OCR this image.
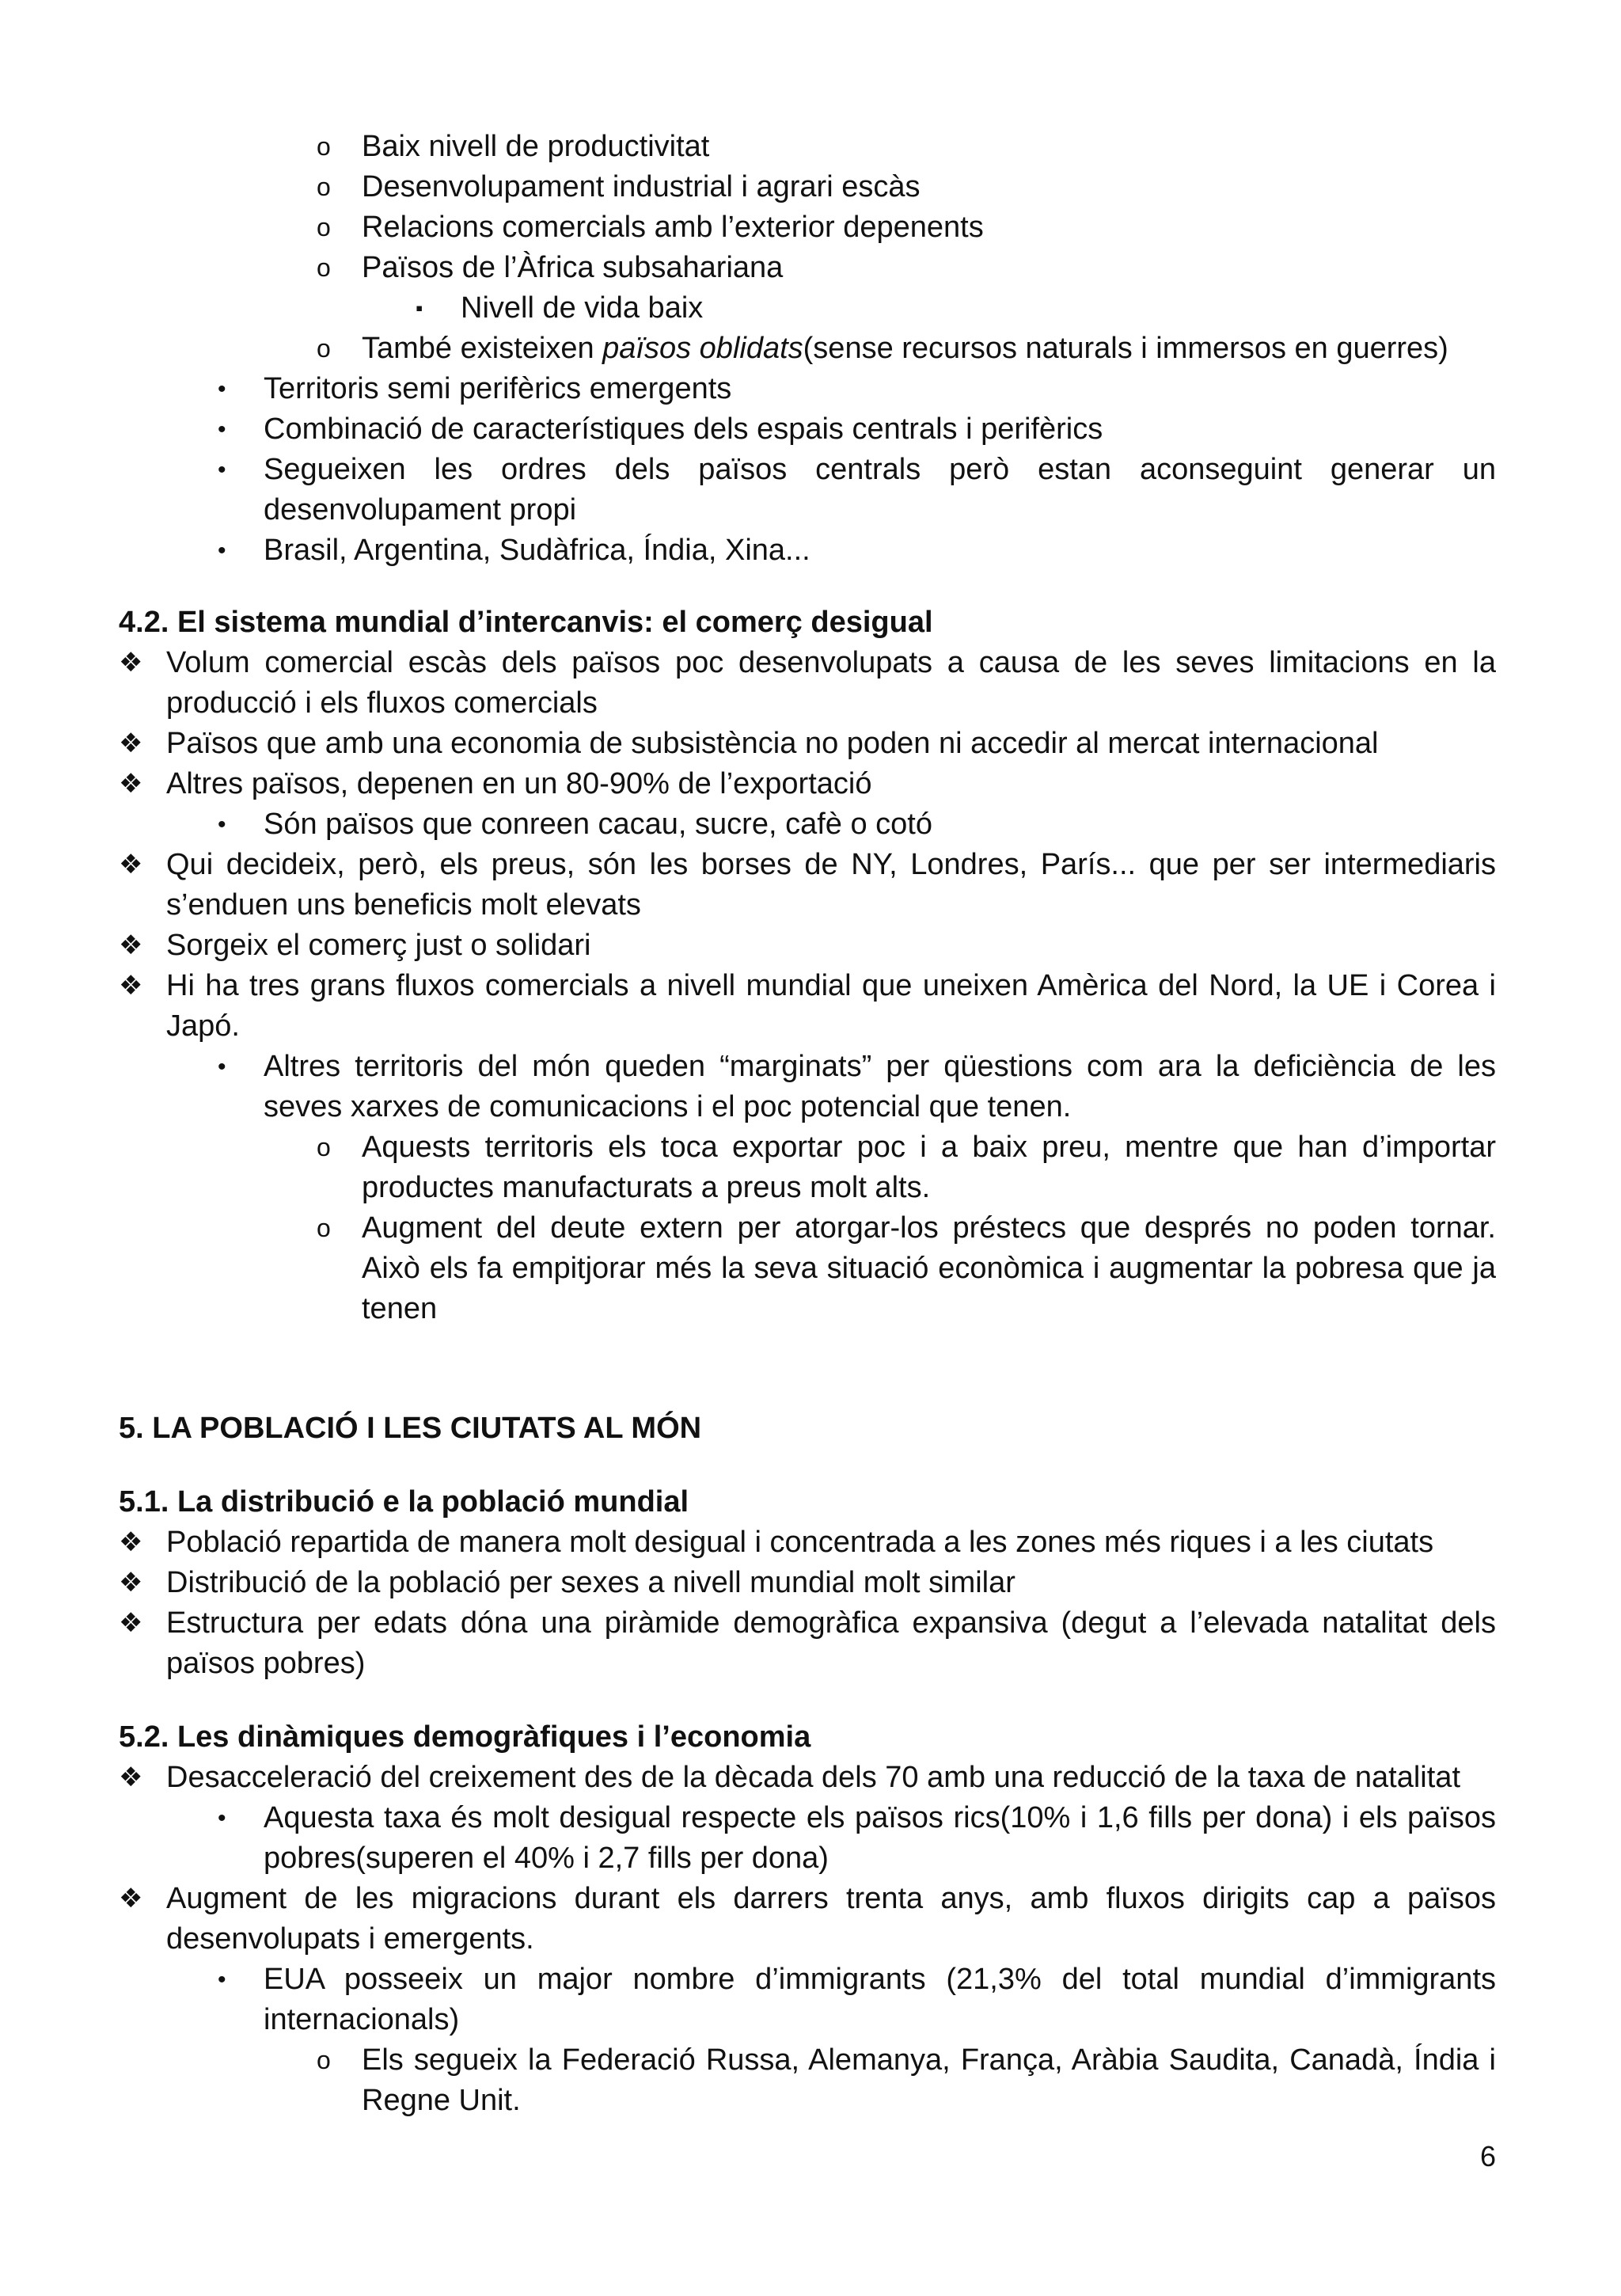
o Baix nivell de productivitat
o Desenvolupament industrial i agrari escàs
o Relacions comercials amb l’exterior depenents
o Països de l’Àfrica subsahariana
▪ Nivell de vida baix
o També existeixen països oblidats(sense recursos naturals i immersos en guerres)
• Territoris semi perifèrics emergents
• Combinació de característiques dels espais centrals i perifèrics
• Segueixen les ordres dels països centrals però estan aconseguint generar un desenvolupament propi
• Brasil, Argentina, Sudàfrica, Índia, Xina...
4.2. El sistema mundial d’intercanvis: el comerç desigual
❖ Volum comercial escàs dels països poc desenvolupats a causa de les seves limitacions en la producció i els fluxos comercials
❖ Països que amb una economia de subsistència no poden ni accedir al mercat internacional
❖ Altres països, depenen en un 80-90% de l’exportació
• Són països que conreen cacau, sucre, cafè o cotó
❖ Qui decideix, però, els preus, són les borses de NY, Londres, París... que per ser intermediaris s’enduen uns beneficis molt elevats
❖ Sorgeix el comerç just o solidari
❖ Hi ha tres grans fluxos comercials a nivell mundial que uneixen Amèrica del Nord, la UE i Corea i Japó.
• Altres territoris del món queden “marginats” per qüestions com ara la deficiència de les seves xarxes de comunicacions i el poc potencial que tenen.
o Aquests territoris els toca exportar poc i a baix preu, mentre que han d’importar productes manufacturats a preus molt alts.
o Augment del deute extern per atorgar-los préstecs que després no poden tornar. Això els fa empitjorar més la seva situació econòmica i augmentar la pobresa que ja tenen
5. LA POBLACIÓ I LES CIUTATS AL MÓN
5.1. La distribució e la població mundial
❖ Població repartida de manera molt desigual i concentrada a les zones més riques i a les ciutats
❖ Distribució de la població per sexes a nivell mundial molt similar
❖ Estructura per edats dóna una piràmide demogràfica expansiva (degut a l’elevada natalitat dels països pobres)
5.2. Les dinàmiques demogràfiques i l’economia
❖ Desacceleració del creixement des de la dècada dels 70 amb una reducció de la taxa de natalitat
• Aquesta taxa és molt desigual respecte els països rics(10% i 1,6 fills per dona) i els països pobres(superen el 40% i 2,7 fills per dona)
❖ Augment de les migracions durant els darrers trenta anys, amb fluxos dirigits cap a països desenvolupats i emergents.
• EUA posseeix un major nombre d’immigrants (21,3% del total mundial d’immigrants internacionals)
o Els segueix la Federació Russa, Alemanya, França, Aràbia Saudita, Canadà, Índia i Regne Unit.
6
